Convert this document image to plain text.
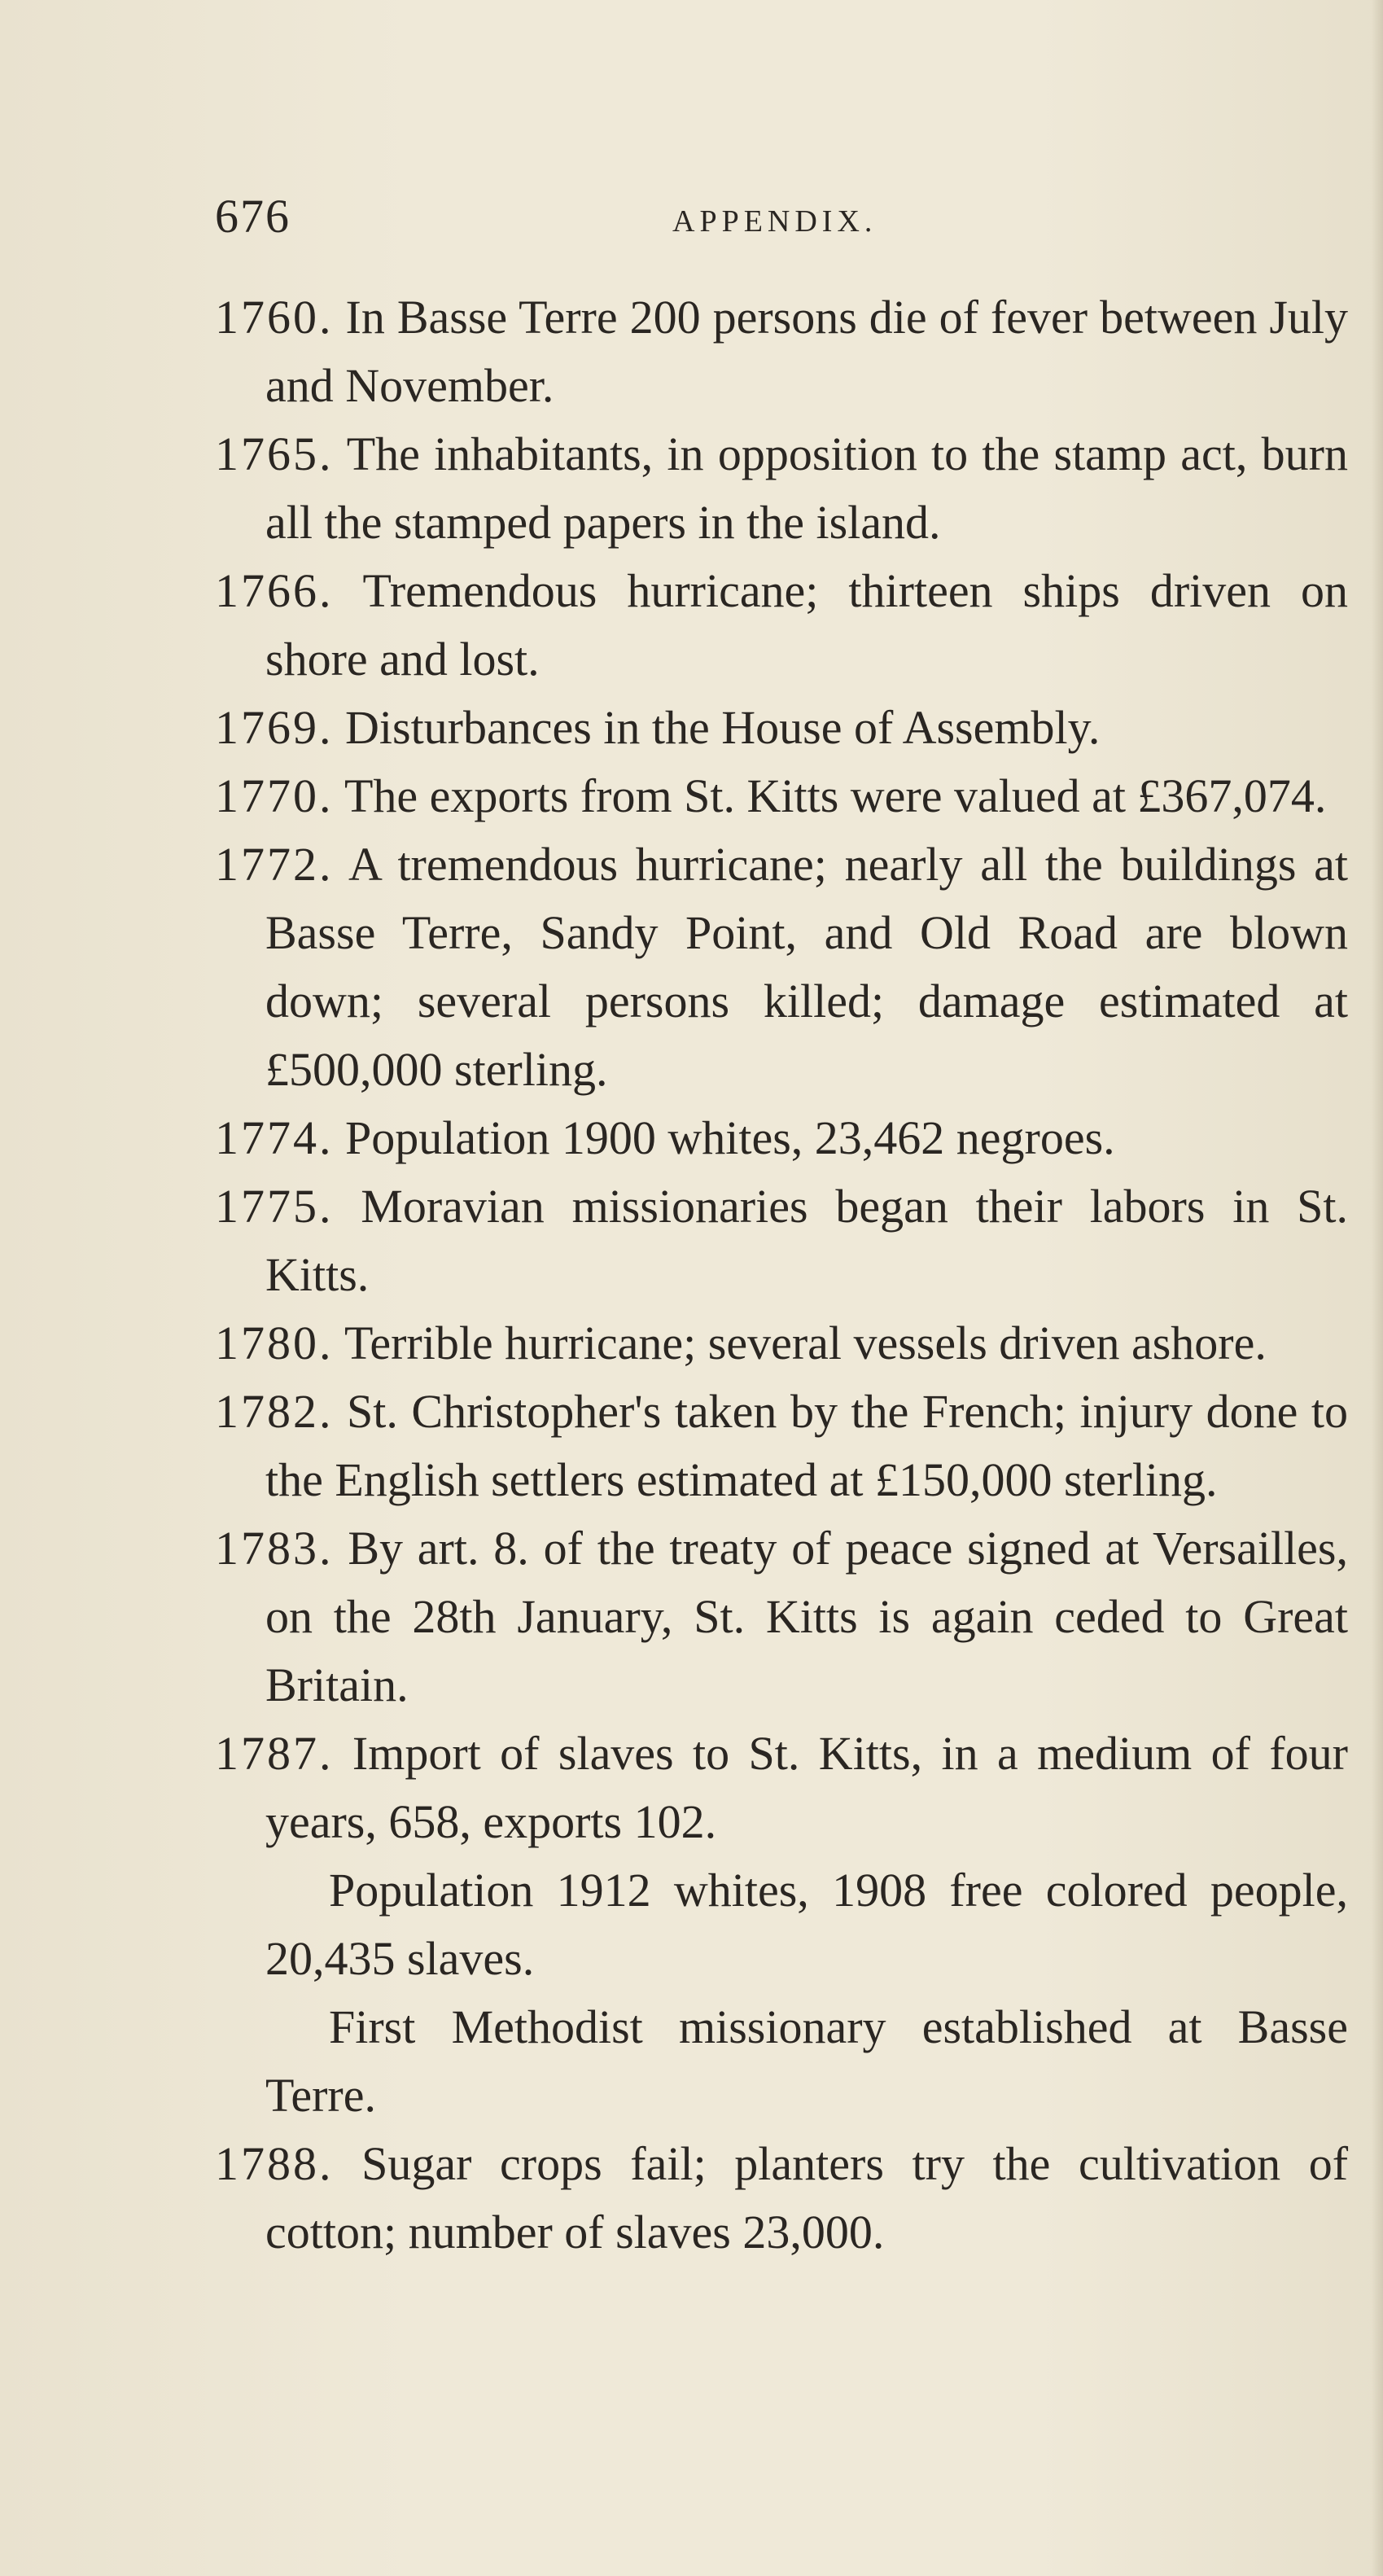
676	APPENDIX.

1760. In Basse Terre 200 persons die of fever between July and November.

1765. The inhabitants, in opposition to the stamp act, burn all the stamped papers in the island.

1766. Tremendous hurricane; thirteen ships driven on shore and lost.

1769. Disturbances in the House of Assembly.

1770. The exports from St. Kitts were valued at £367,074.

1772. A tremendous hurricane; nearly all the buildings at Basse Terre, Sandy Point, and Old Road are blown down; several persons killed; damage estimated at £500,000 sterling.

1774. Population 1900 whites, 23,462 negroes.

1775. Moravian missionaries began their labors in St. Kitts.

1780. Terrible hurricane; several vessels driven ashore.

1782. St. Christopher's taken by the French; injury done to the English settlers estimated at £150,000 sterling.

1783. By art. 8. of the treaty of peace signed at Versailles, on the 28th January, St. Kitts is again ceded to Great Britain.

1787. Import of slaves to St. Kitts, in a medium of four years, 658, exports 102.

Population 1912 whites, 1908 free colored people, 20,435 slaves.

First Methodist missionary established at Basse Terre.

1788. Sugar crops fail; planters try the cultivation of cotton; number of slaves 23,000.
